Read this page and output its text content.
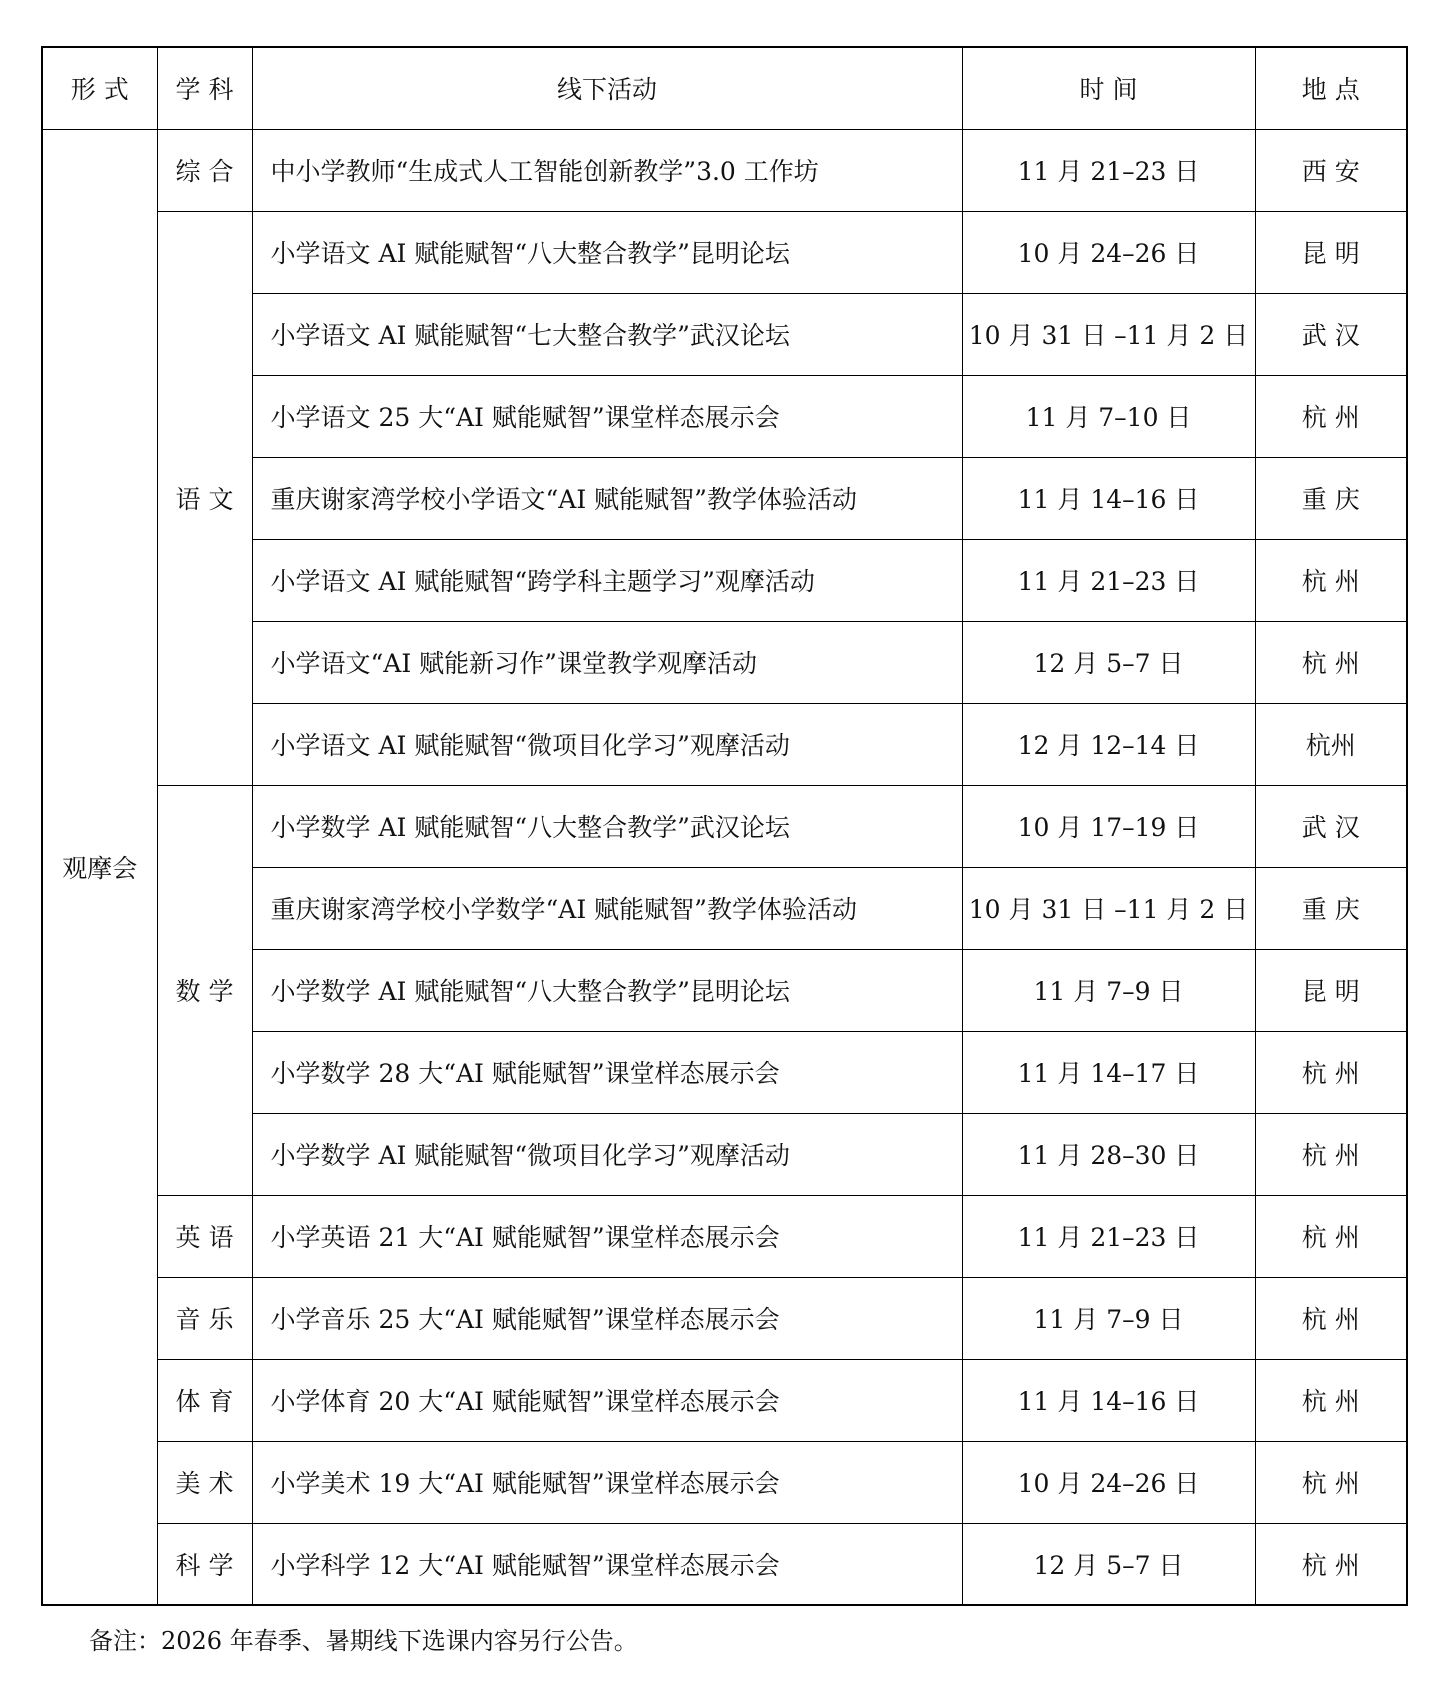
形 式	学 科	线下活动	时 间	地 点
观摩会	综 合	中小学教师“生成式人工智能创新教学”3.0 工作坊	11 月 21–23 日	西 安
	语 文	小学语文 AI 赋能赋智“八大整合教学”昆明论坛	10 月 24–26 日	昆 明
		小学语文 AI 赋能赋智“七大整合教学”武汉论坛	10 月 31 日 –11 月 2 日	武 汉
		小学语文 25 大“AI 赋能赋智”课堂样态展示会	11 月 7–10 日	杭 州
		重庆谢家湾学校小学语文“AI 赋能赋智”教学体验活动	11 月 14–16 日	重 庆
		小学语文 AI 赋能赋智“跨学科主题学习”观摩活动	11 月 21–23 日	杭 州
		小学语文“AI 赋能新习作”课堂教学观摩活动	12 月 5–7 日	杭 州
		小学语文 AI 赋能赋智“微项目化学习”观摩活动	12 月 12–14 日	杭州
	数 学	小学数学 AI 赋能赋智“八大整合教学”武汉论坛	10 月 17–19 日	武 汉
		重庆谢家湾学校小学数学“AI 赋能赋智”教学体验活动	10 月 31 日 –11 月 2 日	重 庆
		小学数学 AI 赋能赋智“八大整合教学”昆明论坛	11 月 7–9 日	昆 明
		小学数学 28 大“AI 赋能赋智”课堂样态展示会	11 月 14–17 日	杭 州
		小学数学 AI 赋能赋智“微项目化学习”观摩活动	11 月 28–30 日	杭 州
	英 语	小学英语 21 大“AI 赋能赋智”课堂样态展示会	11 月 21–23 日	杭 州
	音 乐	小学音乐 25 大“AI 赋能赋智”课堂样态展示会	11 月 7–9 日	杭 州
	体 育	小学体育 20 大“AI 赋能赋智”课堂样态展示会	11 月 14–16 日	杭 州
	美 术	小学美术 19 大“AI 赋能赋智”课堂样态展示会	10 月 24–26 日	杭 州
	科 学	小学科学 12 大“AI 赋能赋智”课堂样态展示会	12 月 5–7 日	杭 州
备注：2026 年春季、暑期线下选课内容另行公告。
